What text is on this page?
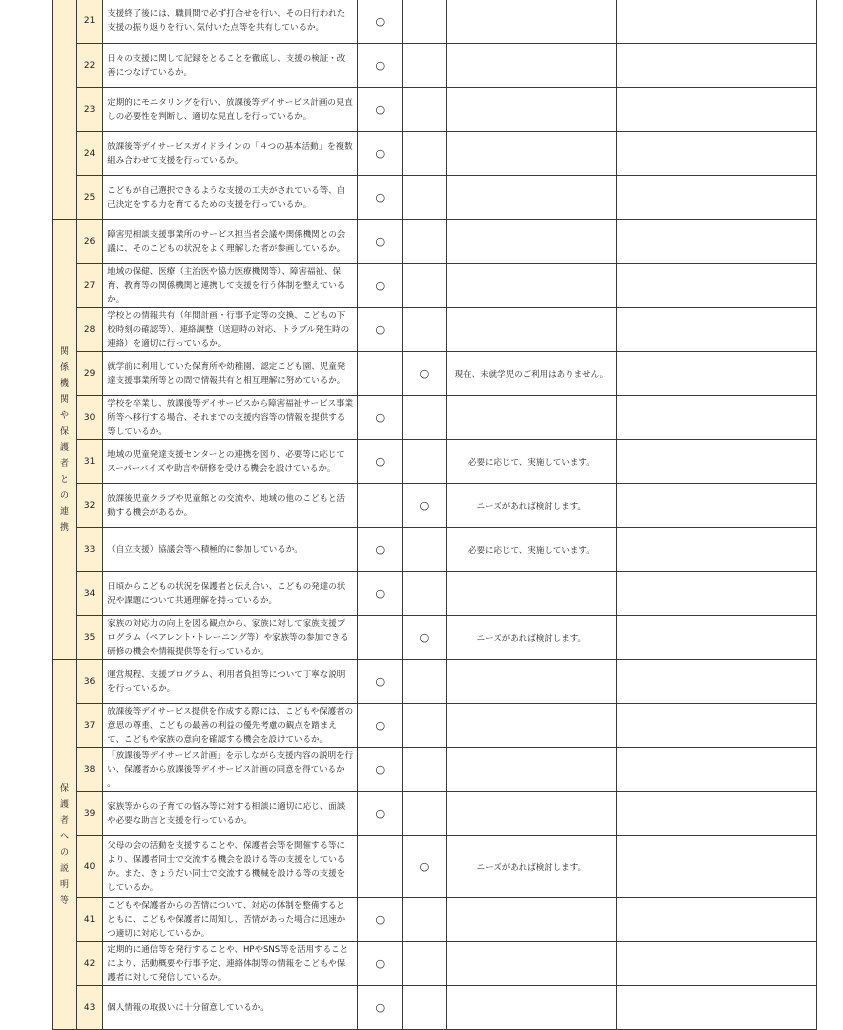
	21	支援終了後には、職員間で必ず打合せを行い、その日行われた支援の振り返りを行い､気付いた点等を共有しているか。	○			
	22	日々の支援に関して記録をとることを徹底し、支援の検証・改善につなげているか。	○			
	23	定期的にモニタリングを行い、放課後等デイサービス計画の見直しの必要性を判断し、適切な見直しを行っているか。	○			
	24	放課後等デイサービスガイドラインの「４つの基本活動」を複数組み合わせて支援を行っているか。	○			
	25	こどもが自己選択できるような支援の工夫がされている等、自己決定をする力を育てるための支援を行っているか。	○			
関係機関や保護者との連携	26	障害児相談支援事業所のサービス担当者会議や関係機関との会議に、そのこどもの状況をよく理解した者が参画しているか。	○			
	27	地域の保健、医療（主治医や協力医療機関等）、障害福祉、保育、教育等の関係機関と連携して支援を行う体制を整えているか。	○			
	28	学校との情報共有（年間計画・行事予定等の交換、こどもの下校時刻の確認等）、連絡調整（送迎時の対応、トラブル発生時の連絡）を適切に行っているか。	○			
	29	就学前に利用していた保育所や幼稚園、認定こども園、児童発達支援事業所等との間で情報共有と相互理解に努めているか。		○	現在、未就学児のご利用はありません。	
	30	学校を卒業し、放課後等デイサービスから障害福祉サービス事業所等へ移行する場合、それまでの支援内容等の情報を提供する等しているか。	○			
	31	地域の児童発達支援センターとの連携を図り、必要等に応じてスーパーバイズや助言や研修を受ける機会を設けているか。	○		必要に応じて、実施しています。	
	32	放課後児童クラブや児童館との交流や、地域の他のこどもと活動する機会があるか。		○	ニーズがあれば検討します。	
	33	（自立支援）協議会等へ積極的に参加しているか。	○		必要に応じて、実施しています。	
	34	日頃からこどもの状況を保護者と伝え合い、こどもの発達の状況や課題について共通理解を持っているか。	○			
	35	家族の対応力の向上を図る観点から、家族に対して家族支援プログラム（ペアレント･トレーニング等）や家族等の参加できる研修の機会や情報提供等を行っているか。		○	ニーズがあれば検討します。	
保護者への説明等	36	運営規程、支援プログラム、利用者負担等について丁寧な説明を行っているか。	○			
	37	放課後等デイサービス提供を作成する際には、こどもや保護者の意思の尊重、こどもの最善の利益の優先考慮の観点を踏まえて、こどもや家族の意向を確認する機会を設けているか。	○			
	38	「放課後等デイサービス計画」を示しながら支援内容の説明を行い、保護者から放課後等デイサービス計画の同意を得ているか 。	○			
	39	家族等からの子育ての悩み等に対する相談に適切に応じ、面談や必要な助言と支援を行っているか。	○			
	40	父母の会の活動を支援することや、保護者会等を開催する等により、保護者同士で交流する機会を設ける等の支援をしているか。また、きょうだい同士で交流する機械を設ける等の支援をしているか。		○	ニーズがあれば検討します。	
	41	こどもや保護者からの苦情について、対応の体制を整備するとともに、こどもや保護者に周知し、苦情があった場合に迅速かつ適切に対応しているか。	○			
	42	定期的に通信等を発行することや、HPやSNS等を活用することにより、活動概要や行事予定、連絡体制等の情報をこどもや保護者に対して発信しているか。	○			
	43	個人情報の取扱いに十分留意しているか。	○			
